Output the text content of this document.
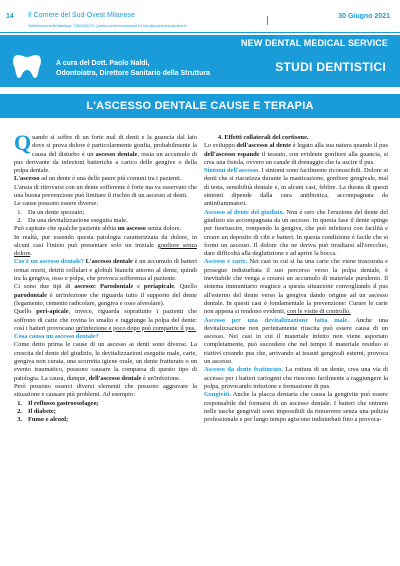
14 Il Corriere del Sud-Ovest Milanese
Telefono/sms/WhatsApp: 335/335170 | www.corrieresudovest.it | info@corrieresudovest.it
30 Giugno 2021
NEW DENTAL MEDICAL SERVICE
A cura del Dott. Paolo Naldi,
Odontoiatra, Direttore Sanitario della Struttura	STUDI DENTISTICI
L'ASCESSO DENTALE CAUSE E TERAPIA

Quando si soffre di un forte mal di denti e la guancia dal lato dove si prova dolore è particolarmente gonfia, probabilmente la causa del disturbo è un ascesso dentale, ossia un accumulo di pus derivante da infezioni batteriche a carico delle gengive o della polpa dentale.

L'ascesso ad un dente è una delle paure più comuni tra i pazienti.

L'ansia di ritrovarsi con un dente sofferente è forte ma va osservato che una buona prevenzione può limitare il rischio di un ascesso ai denti.

Le cause possono essere diverse:

1. Da un dente spezzato;
2. Da una devitalizzazione eseguita male.

Può capitare che qualche paziente abbia un ascesso senza dolore.

In realtà, pur essendo questa patologia caratterizzata da dolore, in alcuni casi l'inizio può presentare solo un iniziale gonfiore senza dolore.

Cos'è un ascesso dentale? L'ascesso dentale è un accumulo di batteri ormai morti, detriti cellulari e globuli bianchi attorno al dente, quindi tra la gengiva, osso e polpa, che provoca sofferenza al paziente.

Ci sono due tipi di ascesso: Parodontale e periapicale. Quello parodontale è un'infezione che riguarda tutto il supporto del dente (legamento, cemento radicolare, gengiva e osso alveolare).

Quello peri-apicale, invece, riguarda soprattutto i pazienti che soffrono di carie che rovina lo smalto e raggiunge la polpa del dente: così i batteri provocano un'infezione e poco dopo può comparire il pus.

Cosa causa un ascesso dentale?

Come detto prima le cause di un ascesso ai denti sono diverse. La crescita del dente del giudizio, le devitalizzazioni eseguite male, carie, gengiva non curata, una scorretta igiene orale, un dente fratturato o un evento traumatico, possono causare la comparsa di questo tipo di patologia. La causa, dunque, dell'ascesso dentale è un'infezione.

Però possono esserci diversi elementi che possono aggravare la situazione e causare più problemi. Ad esempio:

1. Il reflusso gastroesofageo;
2. Il diabete;
3. Fumo e alcool;

4. Effetti collaterali del cortisone.

Lo sviluppo dell'ascesso al dente è legato alla sua natura quando il pus dell'ascesso espande il tessuto, con evidente gonfiore alla guancia, si crea una fistola, ovvero un canale di drenaggio che fa uscire il pus.

Sintomi dell'ascesso. I sintomi sono facilmente riconoscibili. Dolore ai denti che si riacutizza durante la masticazione, gonfiore gengivale, mal di testa, sensibilità dentale e, in alcuni casi, febbre. La durata di questi sintomi dipende dalla cura antibiotica, accompagnata da antinfiammatori.

Ascesso al dente del giudizio. Non è raro che l'eruzione del dente del giudizio sia accompagnata da un ascesso. In questa fase il dente spinge per fuoriuscire, rompendo la gengiva, che può infettarsi con facilità e creare un deposito di cibi e batteri. In questa condizione è facile che si formi un ascesso. Il dolore che ne deriva può irradiarsi all'orecchio, dare difficoltà alla deglutizione e ad aprire la bocca.

Ascesso e carie. Nei casi in cui si ha una carie che viene trascurata e prosegue indisturbata il suo percorso verso la polpa dentale, è inevitabile che venga a crearsi un accumulo di materiale purulento. Il sistema immunitario reagisce a questa situazione convogliando il pus all'esterno del dente verso la gengiva dando origine ad un ascesso dentale. In questi casi è fondamentale la prevenzione: Curare le carie non appena si rendono evidenti, con le visite di controllo.

Ascesso per una devitalizzazione fatta male. Anche una devitalizzazione non perfettamente riuscita può essere causa di un ascesso. Nei casi in cui il materiale infetto non viene asportato completamente, può succedere che nel tempo il materiale residuo si riattivi creando pus che, arrivando ai tessuti gengivali esterni, provoca un ascesso.

Ascesso da dente fratturato. La rottura di un dente, crea una via di accesso per i batteri cariogeni che riescono facilmente a raggiungere la polpa, provocando infezione e formazione di pus.

Gengiviti. Anche la placca dentaria che causa la gengivite può essere responsabile del formarsi di un ascesso dentale. I batteri che entrano nelle tasche gengivali sono impossibili da rimuovere senza una pulizia professionale e per lungo tempo agiscono indisturbati fino a provoca-
